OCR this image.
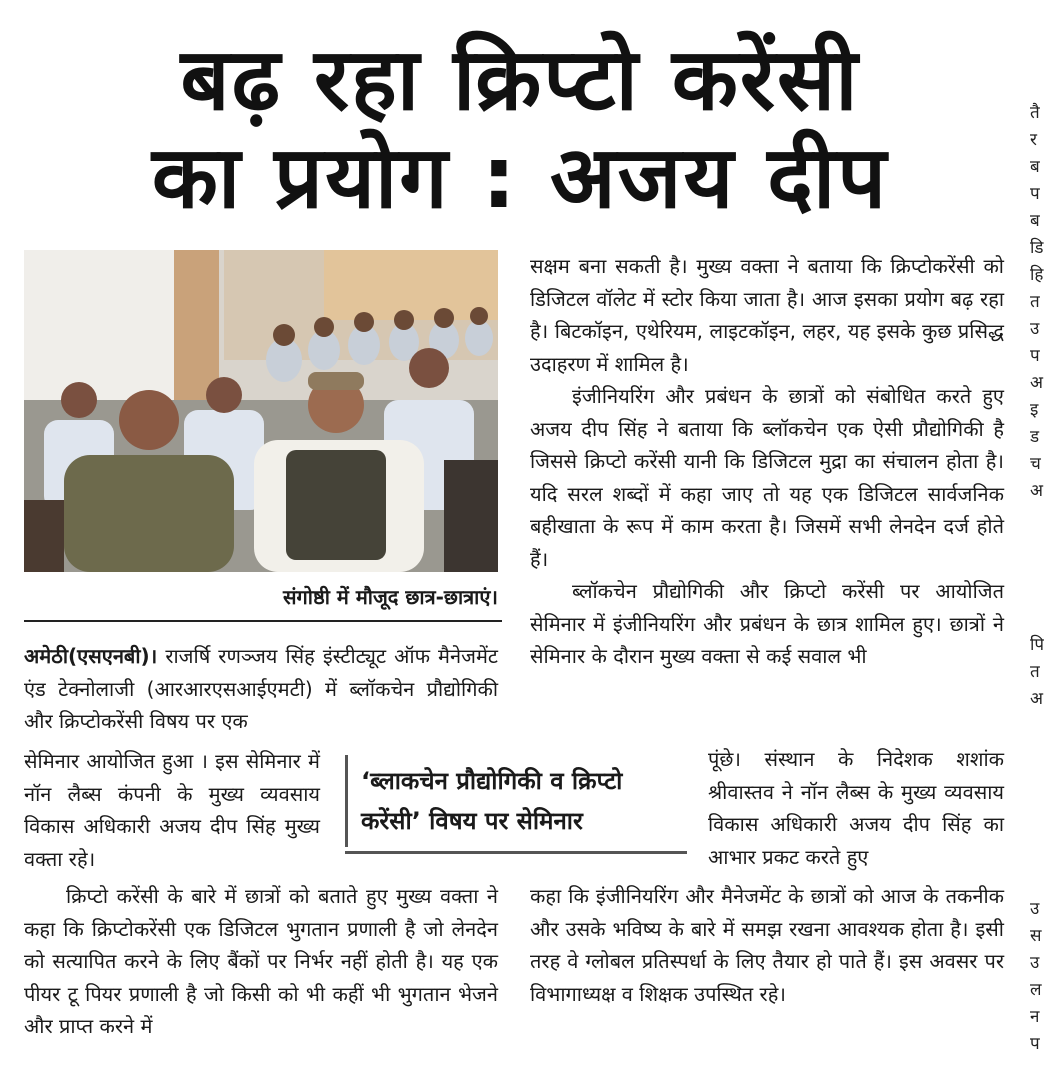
बढ़ रहा क्रिप्टो करेंसी
का प्रयोग : अजय दीप
संगोष्ठी में मौजूद छात्र-छात्राएं।

अमेठी(एसएनबी)। राजर्षि रणञ्जय सिंह इंस्टीट्यूट ऑफ मैनेजमेंट एंड टेक्नोलाजी (आरआरएसआईएमटी) में ब्लॉकचेन प्रौद्योगिकी और क्रिप्टोकरेंसी विषय पर एक

सेमिनार आयोजित हुआ । इस सेमिनार में नॉन लैब्स कंपनी के मुख्य व्यवसाय विकास अधिकारी अजय दीप सिंह मुख्य वक्ता रहे।

क्रिप्टो करेंसी के बारे में छात्रों को बताते हुए मुख्य वक्ता ने कहा कि क्रिप्टोकरेंसी एक डिजिटल भुगतान प्रणाली है जो लेनदेन को सत्यापित करने के लिए बैंकों पर निर्भर नहीं होती है। यह एक पीयर टू पियर प्रणाली है जो किसी को भी कहीं भी भुगतान भेजने और प्राप्त करने में

‘ब्लाकचेन प्रौद्योगिकी व क्रिप्टो करेंसी’ विषय पर सेमिनार

सक्षम बना सकती है। मुख्य वक्ता ने बताया कि क्रिप्टोकरेंसी को डिजिटल वॉलेट में स्टोर किया जाता है। आज इसका प्रयोग बढ़ रहा है। बिटकॉइन, एथेरियम, लाइटकॉइन, लहर, यह इसके कुछ प्रसिद्ध उदाहरण में शामिल है।

इंजीनियरिंग और प्रबंधन के छात्रों को संबोधित करते हुए अजय दीप सिंह ने बताया कि ब्लॉकचेन एक ऐसी प्रौद्योगिकी है जिससे क्रिप्टो करेंसी यानी कि डिजिटल मुद्रा का संचालन होता है। यदि सरल शब्दों में कहा जाए तो यह एक डिजिटल सार्वजनिक बहीखाता के रूप में काम करता है। जिसमें सभी लेनदेन दर्ज होते हैं।

ब्लॉकचेन प्रौद्योगिकी और क्रिप्टो करेंसी पर आयोजित सेमिनार में इंजीनियरिंग और प्रबंधन के छात्र शामिल हुए। छात्रों ने सेमिनार के दौरान मुख्य वक्ता से कई सवाल भी

पूंछे। संस्थान के निदेशक शशांक श्रीवास्तव ने नॉन लैब्स के मुख्य व्यवसाय विकास अधिकारी अजय दीप सिंह का आभार प्रकट करते हुए

कहा कि इंजीनियरिंग और मैनेजमेंट के छात्रों को आज के तकनीक और उसके भविष्य के बारे में समझ रखना आवश्यक होता है। इसी तरह वे ग्लोबल प्रतिस्पर्धा के लिए तैयार हो पाते हैं। इस अवसर पर विभागाध्यक्ष व शिक्षक उपस्थित रहे।

तै
र
ब
प
ब
डि
हि
त
उ
प
अ
इ
ड
च
अ
पि
त
अ
उ
स
उ
ल
न
प
